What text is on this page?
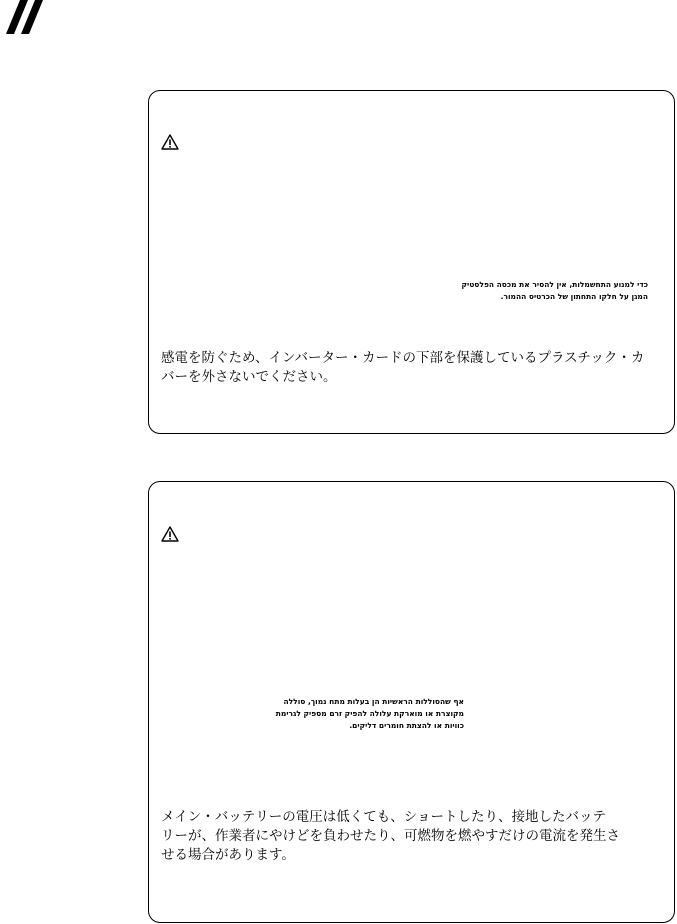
כדי למנוע התחשמלות, אין להסיר את מכסה הפלסטיק
המגן על חלקו התחתון של הכרטיס ההמור.
感電を防ぐため、インバーター・カードの下部を保護しているプラスチック・カ
バーを外さないでください。
אף שהסוללות הראשיות הן בעלות מתח נמוך, סוללה
מקוצרת או מוארקת עלולה להפיק זרם מספיק לגרימת
כוויות או להצתת חומרים דליקים.
メイン・バッテリーの電圧は低くても、ショートしたり、接地したバッテ
リーが、作業者にやけどを負わせたり、可燃物を燃やすだけの電流を発生さ
せる場合があります。
